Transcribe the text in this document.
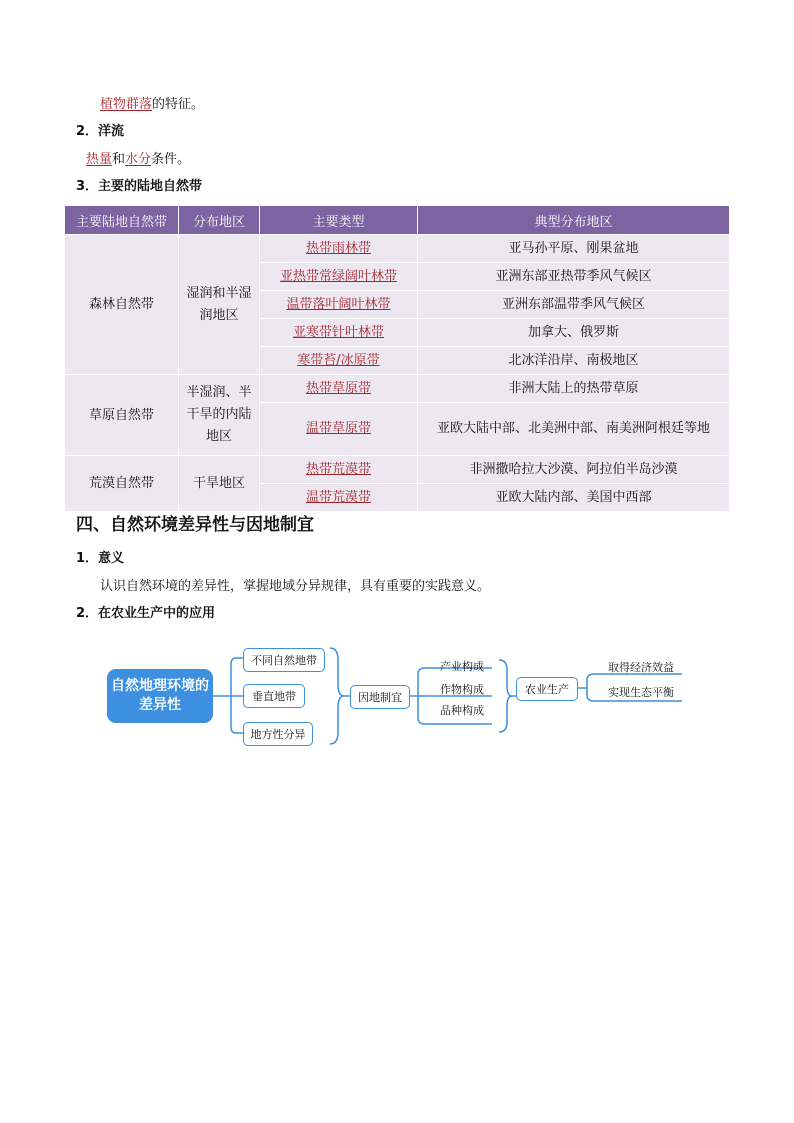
植物群落的特征。
2．洋流
热量和水分条件。
3．主要的陆地自然带
主要陆地自然带	分布地区	主要类型	典型分布地区
森林自然带	湿润和半湿润地区	热带雨林带	亚马孙平原、刚果盆地
		亚热带常绿阔叶林带	亚洲东部亚热带季风气候区
		温带落叶阔叶林带	亚洲东部温带季风气候区
		亚寒带针叶林带	加拿大、俄罗斯
		寒带苔/冰原带	北冰洋沿岸、南极地区
草原自然带	半湿润、半干旱的内陆地区	热带草原带	非洲大陆上的热带草原
		温带草原带	亚欧大陆中部、北美洲中部、南美洲阿根廷等地
荒漠自然带	干旱地区	热带荒漠带	非洲撒哈拉大沙漠、阿拉伯半岛沙漠
		温带荒漠带	亚欧大陆内部、美国中西部
四、自然环境差异性与因地制宜
1．意义
认识自然环境的差异性，掌握地域分异规律，具有重要的实践意义。
2．在农业生产中的应用
自然地理环境的差异性
不同自然地带
垂直地带
地方性分异
因地制宜
产业构成
作物构成
品种构成
农业生产
取得经济效益
实现生态平衡
